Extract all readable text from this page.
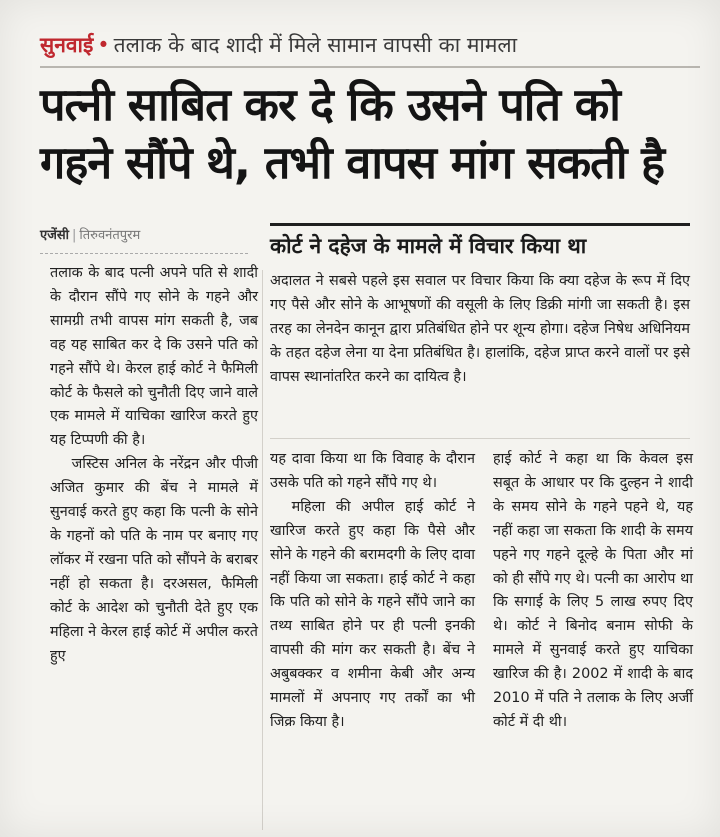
सुनवाई • तलाक के बाद शादी में मिले सामान वापसी का मामला
पत्नी साबित कर दे कि उसने पति को
गहने सौंपे थे, तभी वापस मांग सकती है
एजेंसी | तिरुवनंतपुरम	कोर्ट ने दहेज के मामले में विचार किया था

तलाक के बाद पत्नी अपने पति से शादी के दौरान सौंपे गए सोने के गहने और सामग्री तभी वापस मांग सकती है, जब वह यह साबित कर दे कि उसने पति को गहने सौंपे थे। केरल हाई कोर्ट ने फैमिली कोर्ट के फैसले को चुनौती दिए जाने वाले एक मामले में याचिका खारिज करते हुए यह टिप्पणी की है।

जस्टिस अनिल के नरेंद्रन और पीजी अजित कुमार की बेंच ने मामले में सुनवाई करते हुए कहा कि पत्नी के सोने के गहनों को पति के नाम पर बनाए गए लॉकर में रखना पति को सौंपने के बराबर नहीं हो सकता है। दरअसल, फैमिली कोर्ट के आदेश को चुनौती देते हुए एक महिला ने केरल हाई कोर्ट में अपील करते हुए

अदालत ने सबसे पहले इस सवाल पर विचार किया कि क्या दहेज के रूप में दिए गए पैसे और सोने के आभूषणों की वसूली के लिए डिक्री मांगी जा सकती है। इस तरह का लेनदेन कानून द्वारा प्रतिबंधित होने पर शून्य होगा। दहेज निषेध अधिनियम के तहत दहेज लेना या देना प्रतिबंधित है। हालांकि, दहेज प्राप्त करने वालों पर इसे वापस स्थानांतरित करने का दायित्व है।

यह दावा किया था कि विवाह के दौरान उसके पति को गहने सौंपे गए थे।

महिला की अपील हाई कोर्ट ने खारिज करते हुए कहा कि पैसे और सोने के गहने की बरामदगी के लिए दावा नहीं किया जा सकता। हाई कोर्ट ने कहा कि पति को सोने के गहने सौंपे जाने का तथ्य साबित होने पर ही पत्नी इनकी वापसी की मांग कर सकती है। बेंच ने अबुबक्कर व शमीना केबी और अन्य मामलों में अपनाए गए तर्कों का भी जिक्र किया है।

हाई कोर्ट ने कहा था कि केवल इस सबूत के आधार पर कि दुल्हन ने शादी के समय सोने के गहने पहने थे, यह नहीं कहा जा सकता कि शादी के समय पहने गए गहने दूल्हे के पिता और मां को ही सौंपे गए थे। पत्नी का आरोप था कि सगाई के लिए 5 लाख रुपए दिए थे। कोर्ट ने बिनोद बनाम सोफी के मामले में सुनवाई करते हुए याचिका खारिज की है। 2002 में शादी के बाद 2010 में पति ने तलाक के लिए अर्जी कोर्ट में दी थी।
